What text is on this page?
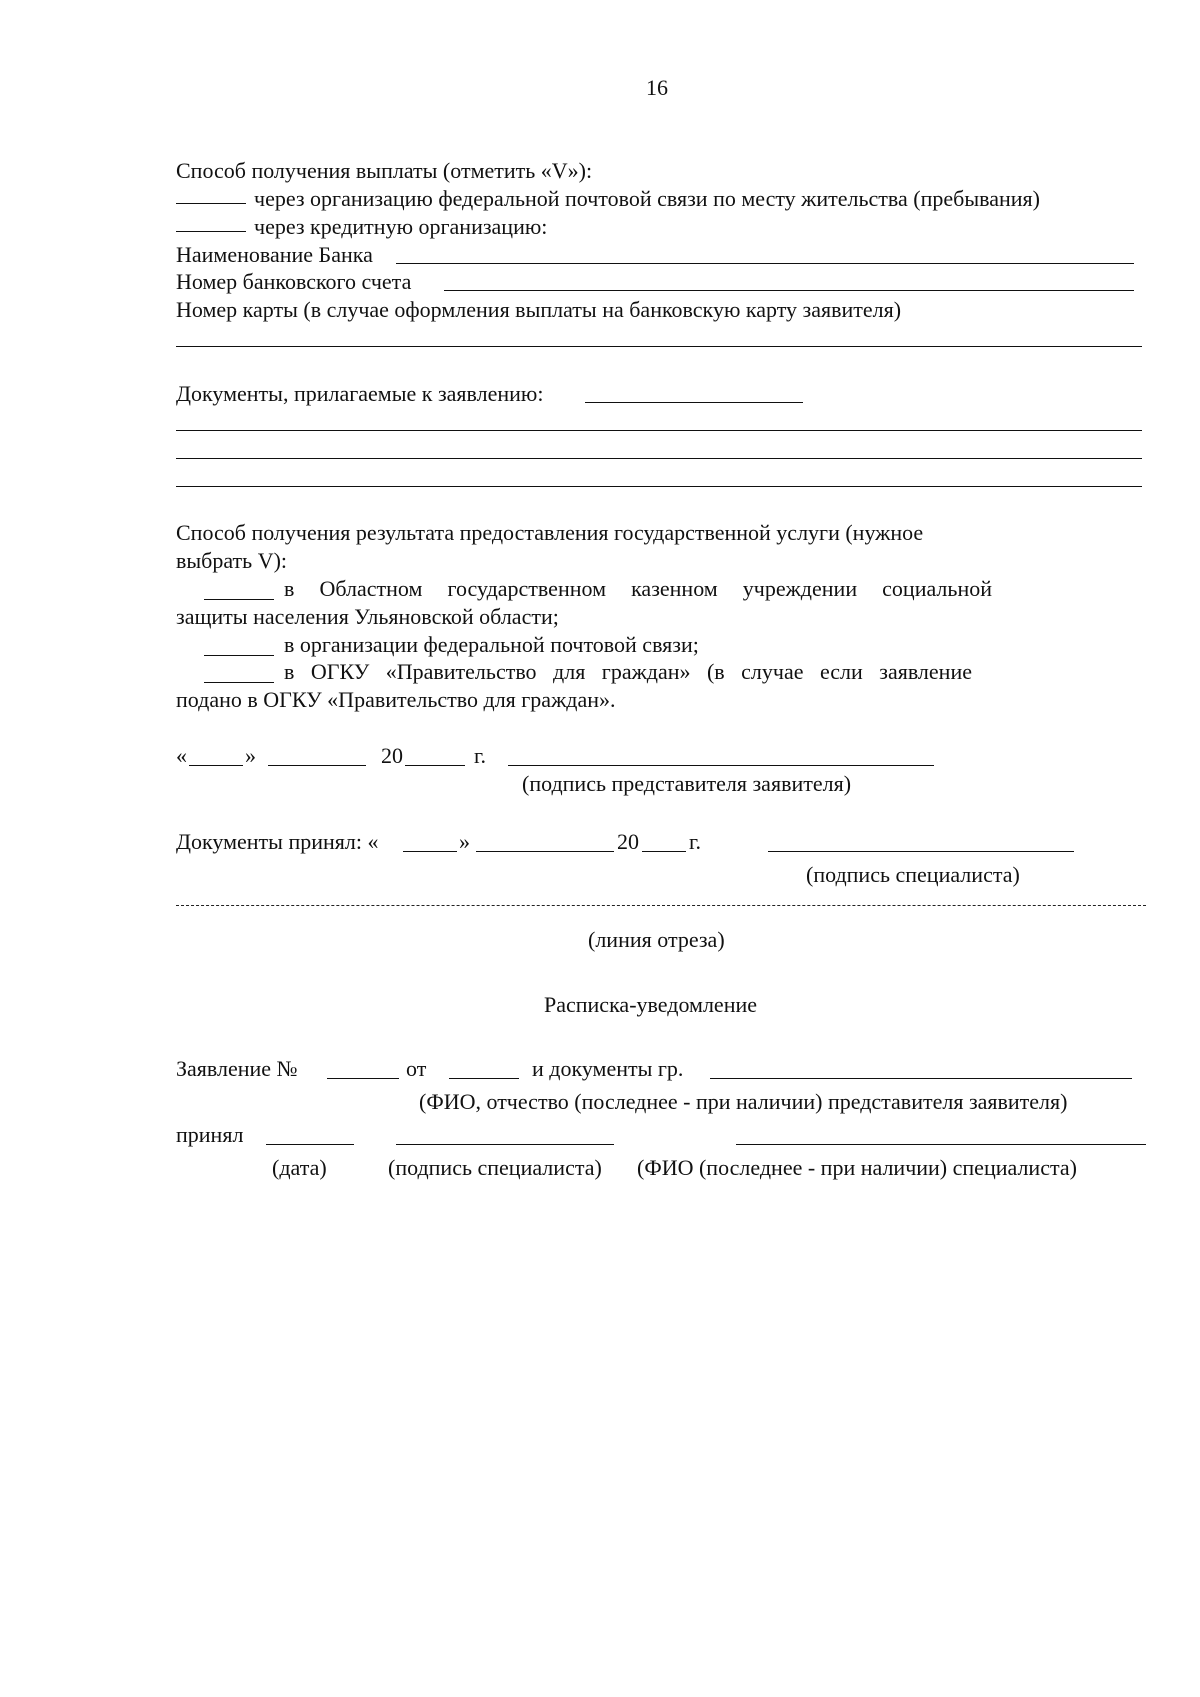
16
Способ получения выплаты (отметить «V»):
через организацию федеральной почтовой связи по месту жительства (пребывания)
через кредитную организацию:
Наименование Банка
Номер банковского счета
Номер карты (в случае оформления выплаты на банковскую карту заявителя)
Документы, прилагаемые к заявлению:
Способ получения результата предоставления государственной услуги (нужное
выбрать V):
в Областном государственном казенном учреждении социальной
защиты населения Ульяновской области;
в организации федеральной почтовой связи;
в ОГКУ «Правительство для граждан» (в случае если заявление
подано в ОГКУ «Правительство для граждан».
«	»	20	г.
(подпись представителя заявителя)
Документы принял: «	»	20 г.
(подпись специалиста)
(линия отреза)
Расписка-уведомление
Заявление №	от	и документы гр.
(ФИО, отчество (последнее - при наличии) представителя заявителя)
принял
(дата)	(подпись специалиста) (ФИО (последнее - при наличии) специалиста)
